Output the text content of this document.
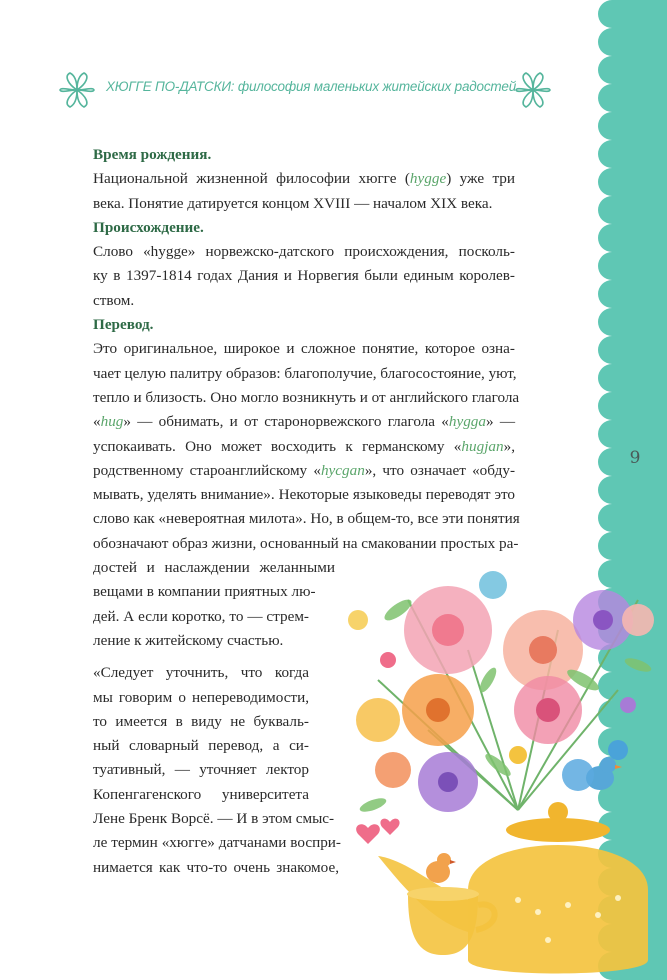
9
ХЮГГЕ ПО-ДАТСКИ: философия маленьких житейских радостей
Время рождения.
Национальной жизненной философии хюгге (hygge) уже три
века. Понятие датируется концом XVIII — началом XIX века.
Происхождение.
Слово «hygge» норвежско-датского происхождения, посколь-
ку в 1397-1814 годах Дания и Норвегия были единым королев-
ством.
Перевод.
Это оригинальное, широкое и сложное понятие, которое озна-
чает целую палитру образов: благополучие, благосостояние, уют,
тепло и близость. Оно могло возникнуть и от английского глагола
«hug» — обнимать, и от старонорвежского глагола «hygga» —
успокаивать. Оно может восходить к германскому «hugjan»,
родственному староанглийскому «hycgan», что означает «обду-
мывать, уделять внимание». Некоторые языковеды переводят это
слово как «невероятная милота». Но, в общем-то, все эти понятия
обозначают образ жизни, основанный на смаковании простых ра-
достей и наслаждении желанными
вещами в компании приятных лю-
дей. А если коротко, то — стрем-
ление к житейскому счастью.
«Следует уточнить, что когда
мы говорим о непереводимости,
то имеется в виду не букваль-
ный словарный перевод, а си-
туативный, — уточняет лектор
Копенгагенского университета
Лене Бренк Ворсё. — И в этом смыс-
ле термин «хюгге» датчанами воспри-
нимается как что-то очень знакомое,
